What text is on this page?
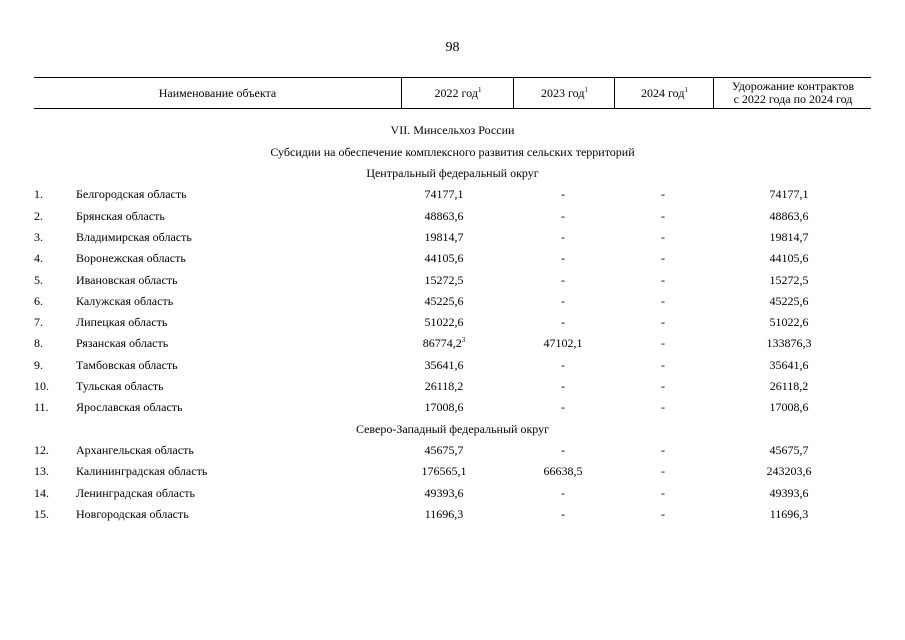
98
Наименование объекта	2022 год$^1$	2023 год$^1$	2024 год$^1$	Удорожание контрактов
с 2022 года по 2024 год
VII. Минсельхоз России
Субсидии на обеспечение комплексного развития сельских территорий
Центральный федеральный округ
1.	Белгородская область	74177,1	-	-	74177,1
2.	Брянская область	48863,6	-	-	48863,6
3.	Владимирская область	19814,7	-	-	19814,7
4.	Воронежская область	44105,6	-	-	44105,6
5.	Ивановская область	15272,5	-	-	15272,5
6.	Калужская область	45225,6	-	-	45225,6
7.	Липецкая область	51022,6	-	-	51022,6
8.	Рязанская область	86774,2$^3$	47102,1	-	133876,3
9.	Тамбовская область	35641,6	-	-	35641,6
10.	Тульская область	26118,2	-	-	26118,2
11.	Ярославская область	17008,6	-	-	17008,6
Северо-Западный федеральный округ
12.	Архангельская область	45675,7	-	-	45675,7
13.	Калининградская область	176565,1	66638,5	-	243203,6
14.	Ленинградская область	49393,6	-	-	49393,6
15.	Новгородская область	11696,3	-	-	11696,3
